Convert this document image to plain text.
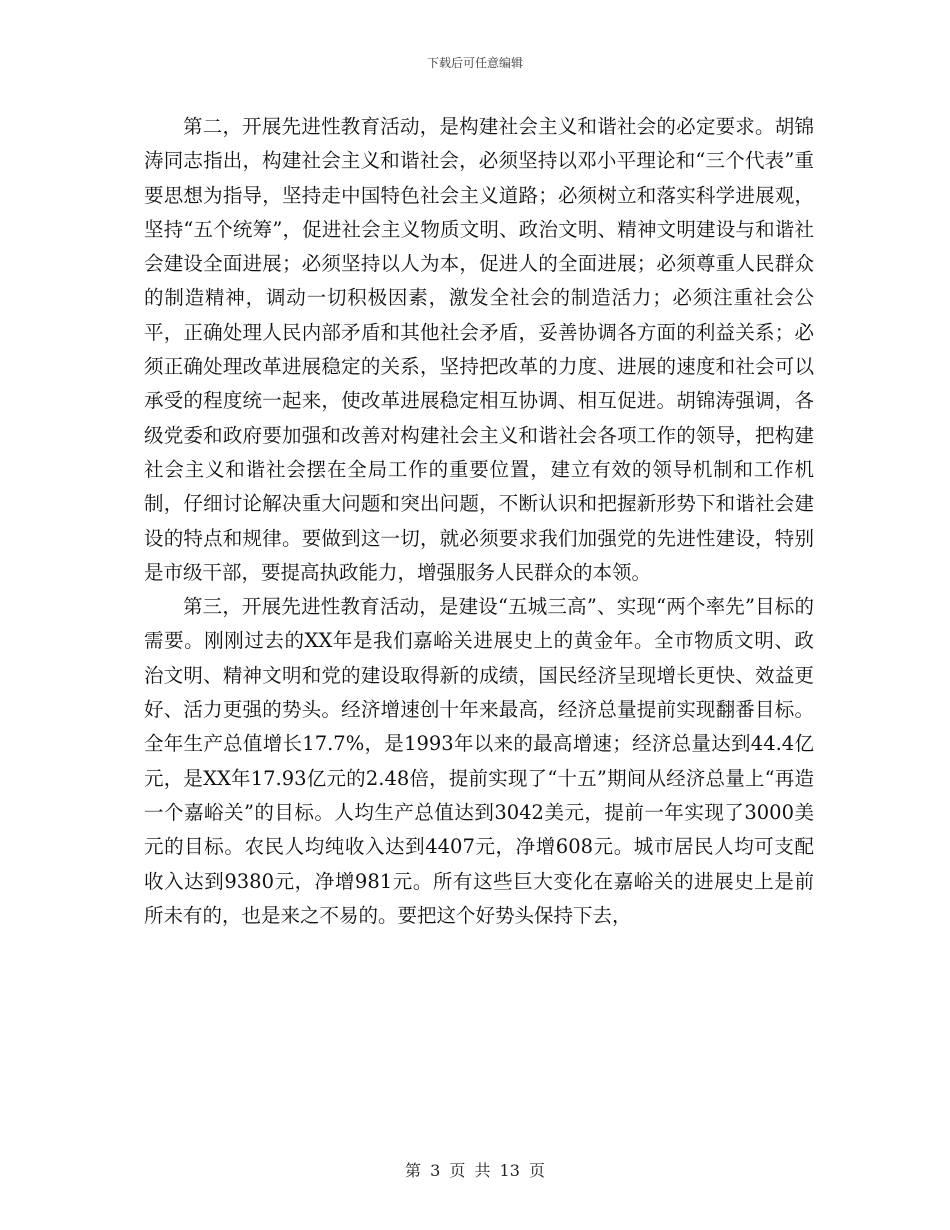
下载后可任意编辑

第二，开展先进性教育活动，是构建社会主义和谐社会的必定要求。胡锦涛同志指出，构建社会主义和谐社会，必须坚持以邓小平理论和“三个代表”重要思想为指导，坚持走中国特色社会主义道路；必须树立和落实科学进展观，坚持“五个统筹”，促进社会主义物质文明、政治文明、精神文明建设与和谐社会建设全面进展；必须坚持以人为本，促进人的全面进展；必须尊重人民群众的制造精神，调动一切积极因素，激发全社会的制造活力；必须注重社会公平，正确处理人民内部矛盾和其他社会矛盾，妥善协调各方面的利益关系；必须正确处理改革进展稳定的关系，坚持把改革的力度、进展的速度和社会可以承受的程度统一起来，使改革进展稳定相互协调、相互促进。胡锦涛强调，各级党委和政府要加强和改善对构建社会主义和谐社会各项工作的领导，把构建社会主义和谐社会摆在全局工作的重要位置，建立有效的领导机制和工作机制，仔细讨论解决重大问题和突出问题，不断认识和把握新形势下和谐社会建设的特点和规律。要做到这一切，就必须要求我们加强党的先进性建设，特别是市级干部，要提高执政能力，增强服务人民群众的本领。

第三，开展先进性教育活动，是建设“五城三高”、实现“两个率先”目标的需要。刚刚过去的XX年是我们嘉峪关进展史上的黄金年。全市物质文明、政治文明、精神文明和党的建设取得新的成绩，国民经济呈现增长更快、效益更好、活力更强的势头。经济增速创十年来最高，经济总量提前实现翻番目标。全年生产总值增长17.7%，是1993年以来的最高增速；经济总量达到44.4亿元，是XX年17.93亿元的2.48倍，提前实现了“十五”期间从经济总量上“再造一个嘉峪关”的目标。人均生产总值达到3042美元，提前一年实现了3000美元的目标。农民人均纯收入达到4407元，净增608元。城市居民人均可支配收入达到9380元，净增981元。所有这些巨大变化在嘉峪关的进展史上是前所未有的，也是来之不易的。要把这个好势头保持下去，

第 3 页 共 13 页
